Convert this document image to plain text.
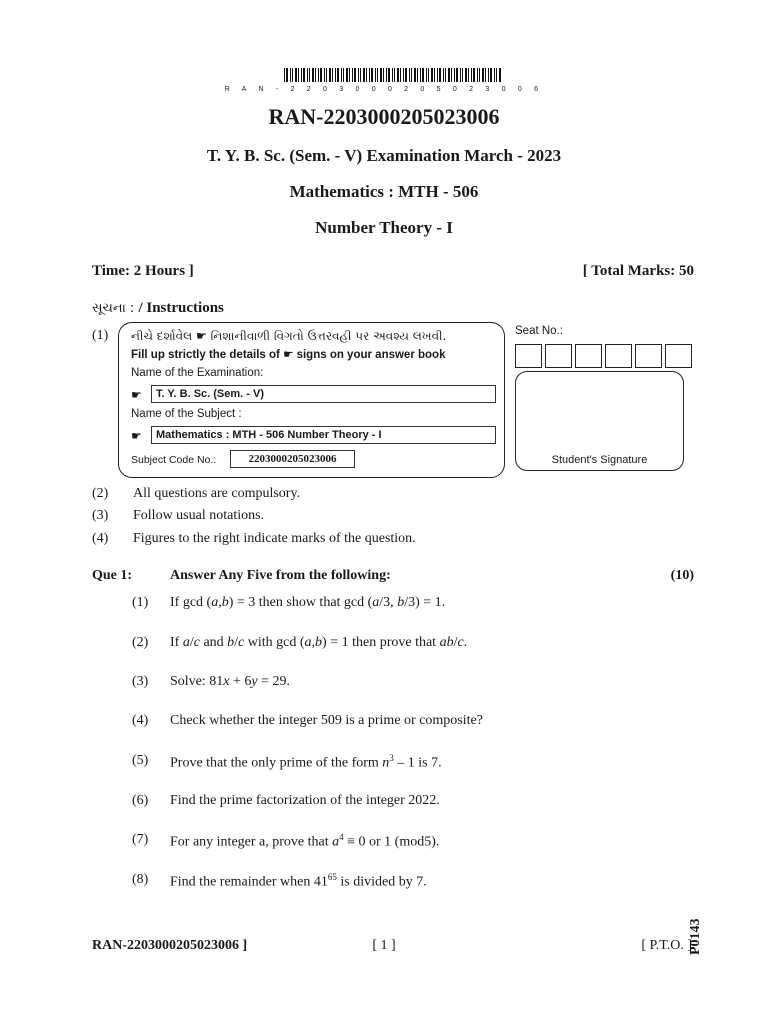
R A N - 2 2 0 3 0 0 0 2 0 5 0 2 3 0 0 6
RAN-2203000205023006
T. Y. B. Sc. (Sem. - V) Examination March - 2023
Mathematics : MTH - 506
Number Theory - I
Time: 2 Hours ]	[ Total Marks: 50
સૂચના : / Instructions
(1) નીચે દર્શાવેલ ☛ નિશાનીવાળી વિગતો ઉત્તરવહી પર અવશ્ય લખવી.
Fill up strictly the details of ☛ signs on your answer book
Name of the Examination:
☛	T. Y. B. Sc. (Sem. - V)
Name of the Subject :
☛	Mathematics : MTH - 506 Number Theory - I
Subject Code No.:	2203000205023006
Seat No.:
Student's Signature
(2) All questions are compulsory.
(3) Follow usual notations.
(4) Figures to the right indicate marks of the question.
Que 1:	Answer Any Five from the following:	(10)
(1) If gcd (a,b) = 3 then show that gcd (a/3, b/3) = 1.
(2) If a/c and b/c with gcd (a,b) = 1 then prove that ab/c.
(3) Solve: 81x + 6y = 29.
(4) Check whether the integer 509 is a prime or composite?
(5) Prove that the only prime of the form $n^3 - 1$ is 7.
(6) Find the prime factorization of the integer 2022.
(7) For any integer a, prove that $a^4 \equiv 0$ or 1 (mod5).
(8) Find the remainder when $41^{65}$ is divided by 7.
RAN-2203000205023006 ]	[ 1 ]	[ P.T.O. ]
P0143
